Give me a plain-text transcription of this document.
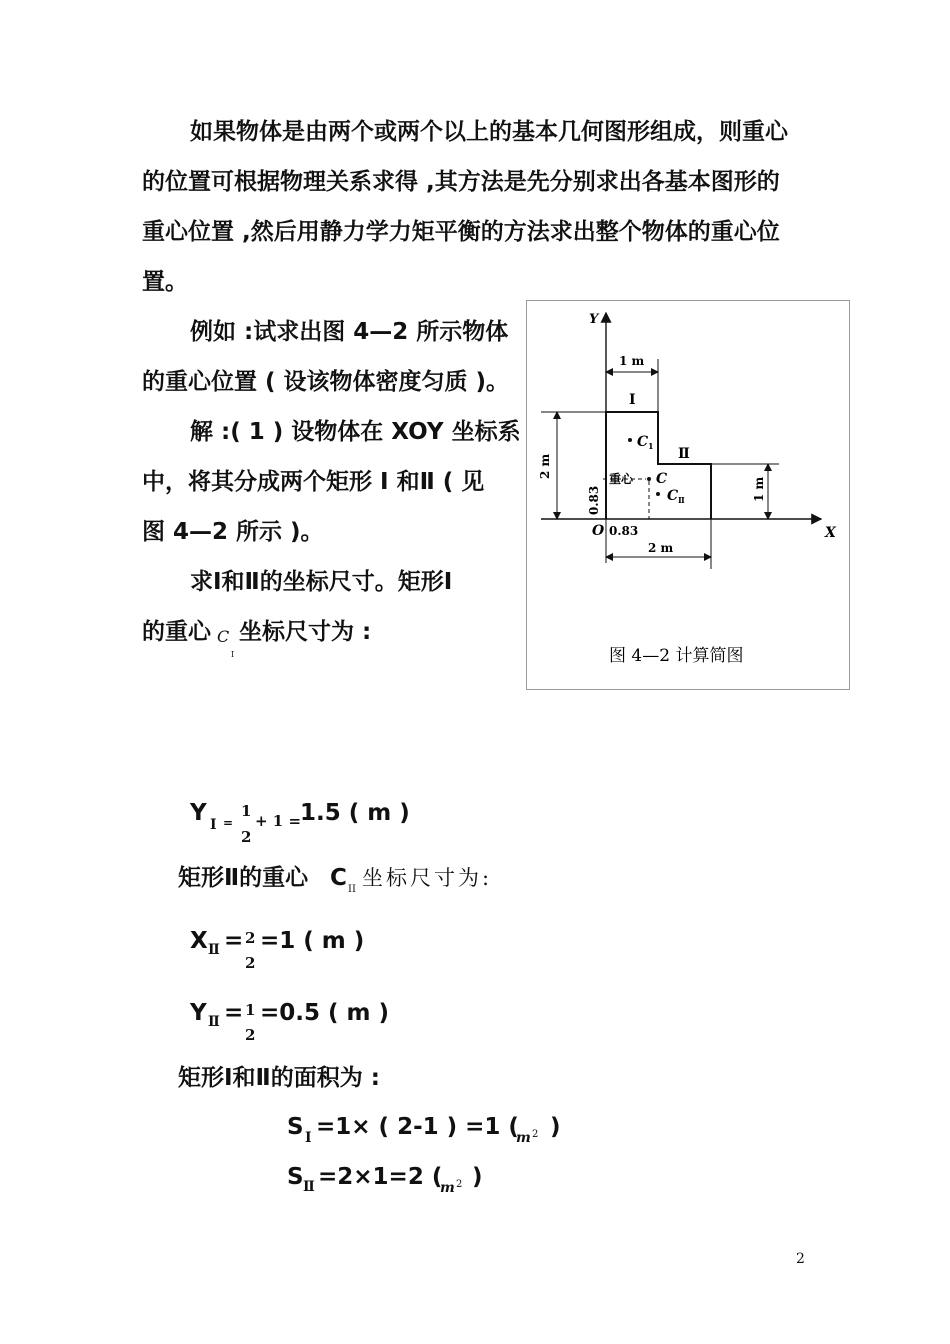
如果物体是由两个或两个以上的基本几何图形组成，则重心
的位置可根据物理关系求得 ,其方法是先分别求出各基本图形的
重心位置 ,然后用静力学力矩平衡的方法求出整个物体的重心位
置。
例如 :试求出图 4—2 所示物体
的重心位置 ( 设该物体密度匀质 )。
解 :( 1 ) 设物体在 XOY 坐标系
中，将其分成两个矩形 Ⅰ 和Ⅱ ( 见
图 4—2 所示 )。
求Ⅰ和Ⅱ的坐标尺寸。矩形Ⅰ
的重心 C
I
坐标尺寸为 :
Y
X
O
1 m
I
Ⅱ
C 1
重心 C
C Ⅱ
2 m
0.83	1 m
0.83
2 m
图 4—2 计算简图
Y I =
1
2
+ 1 =
1.5 ( m )
矩形Ⅱ的重心 C II 坐标尺寸为:
X Ⅱ = 2
2
=1 ( m )
Y Ⅱ = 1
2
=0.5 ( m )
矩形Ⅰ和Ⅱ的面积为 :
S I =1× ( 2-1 ) =1 (
m 2 )
S Ⅱ =2×1=2 (
m 2 )
2
